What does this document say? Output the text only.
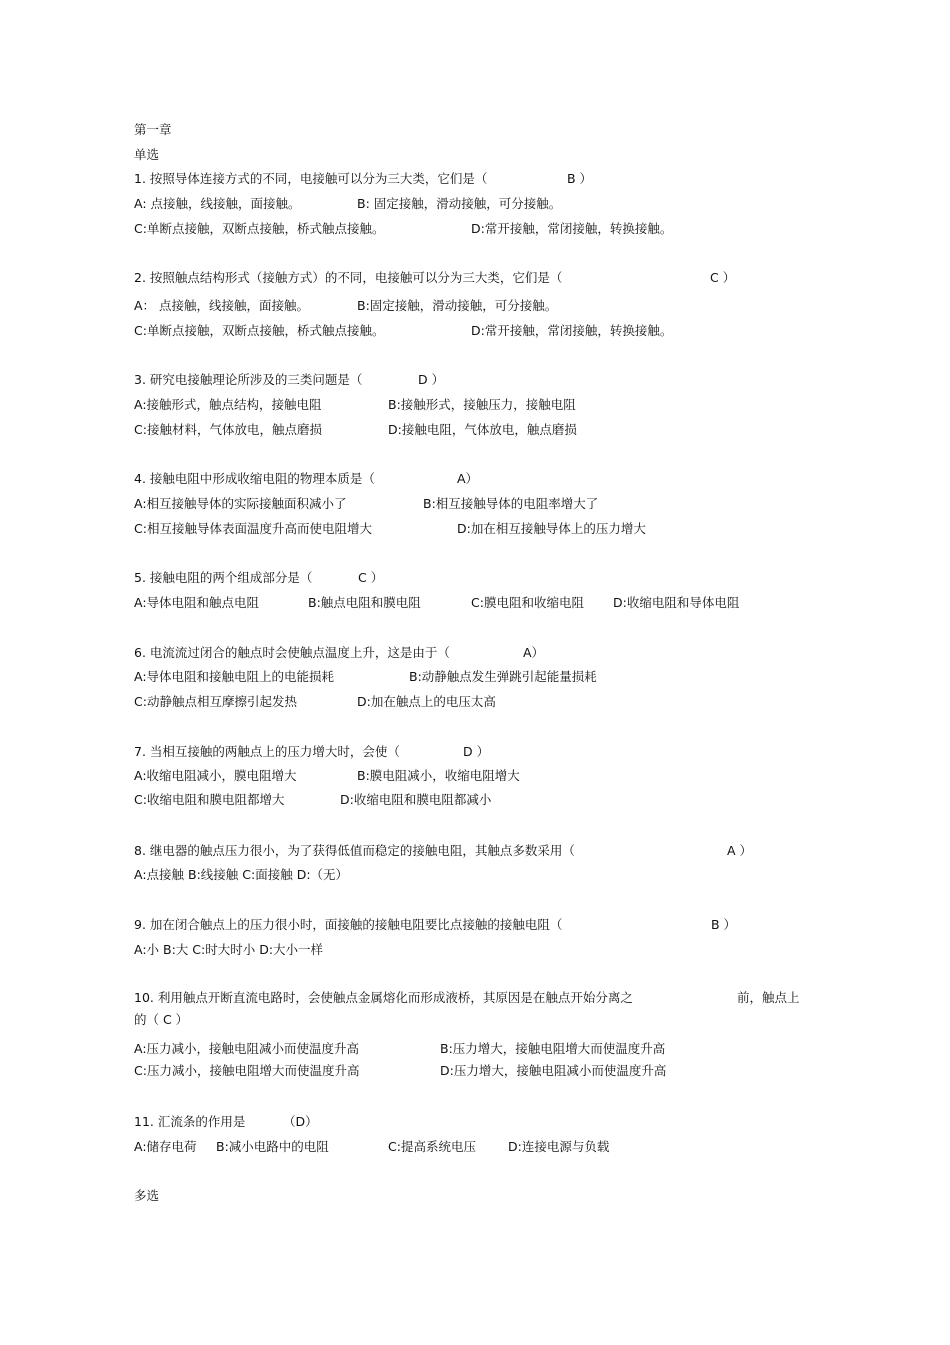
第一章
单选
1. 按照导体连接方式的不同，电接触可以分为三大类，它们是（	B ）
A: 点接触，线接触，面接触。	B: 固定接触，滑动接触，可分接触。
C:单断点接触，双断点接触，桥式触点接触。	D:常开接触，常闭接触，转换接触。
2. 按照触点结构形式（接触方式）的不同，电接触可以分为三大类，它们是（	C ）
A： 点接触，线接触，面接触。	B:固定接触，滑动接触，可分接触。
C:单断点接触，双断点接触，桥式触点接触。	D:常开接触，常闭接触，转换接触。
3. 研究电接触理论所涉及的三类问题是（	D ）
A:接触形式，触点结构，接触电阻	B:接触形式，接触压力，接触电阻
C:接触材料，气体放电，触点磨损	D:接触电阻，气体放电，触点磨损
4. 接触电阻中形成收缩电阻的物理本质是（	A）
A:相互接触导体的实际接触面积减小了	B:相互接触导体的电阻率增大了
C:相互接触导体表面温度升高而使电阻增大	D:加在相互接触导体上的压力增大
5. 接触电阻的两个组成部分是（	C ）
A:导体电阻和触点电阻	B:触点电阻和膜电阻	C:膜电阻和收缩电阻 D:收缩电阻和导体电阻
6. 电流流过闭合的触点时会使触点温度上升，这是由于（	A）
A:导体电阻和接触电阻上的电能损耗	B:动静触点发生弹跳引起能量损耗
C:动静触点相互摩擦引起发热	D:加在触点上的电压太高
7. 当相互接触的两触点上的压力增大时，会使（	D ）
A:收缩电阻减小，膜电阻增大	B:膜电阻减小，收缩电阻增大
C:收缩电阻和膜电阻都增大	D:收缩电阻和膜电阻都减小
8. 继电器的触点压力很小，为了获得低值而稳定的接触电阻，其触点多数采用（	A ）
A:点接触 B:线接触 C:面接触 D:（无）
9. 加在闭合触点上的压力很小时，面接触的接触电阻要比点接触的接触电阻（	B ）
A:小 B:大 C:时大时小 D:大小一样
10. 利用触点开断直流电路时，会使触点金属熔化而形成液桥，其原因是在触点开始分离之	前，触点上
的（ C ）
A:压力减小，接触电阻减小而使温度升高	B:压力增大，接触电阻增大而使温度升高
C:压力减小，接触电阻增大而使温度升高	D:压力增大，接触电阻减小而使温度升高
11. 汇流条的作用是	（D）
A:储存电荷 B:减小电路中的电阻	C:提高系统电压	D:连接电源与负载
多选
